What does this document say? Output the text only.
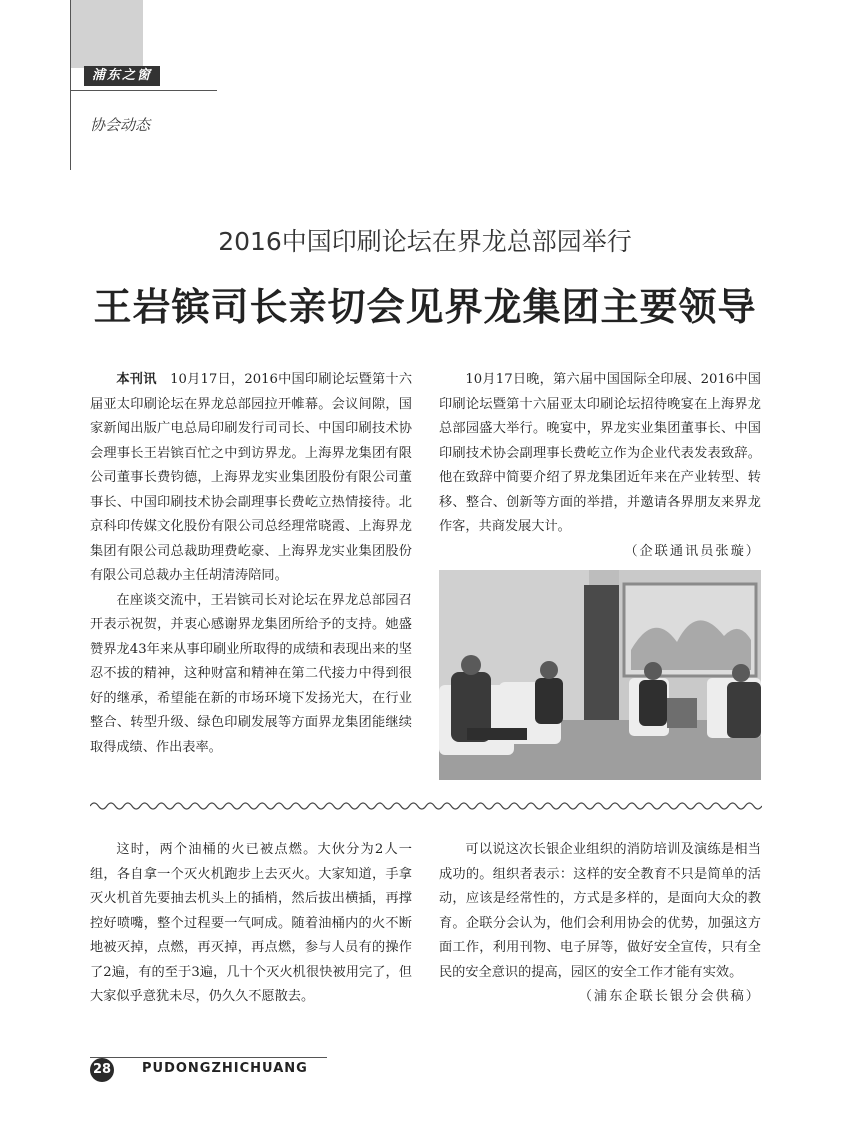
浦东之窗
协会动态
2016中国印刷论坛在界龙总部园举行
王岩镔司长亲切会见界龙集团主要领导

本刊讯　 10月17日，2016中国印刷论坛暨第十六届亚太印刷论坛在界龙总部园拉开帷幕。会议间隙，国家新闻出版广电总局印刷发行司司长、中国印刷技术协会理事长王岩镔百忙之中到访界龙。上海界龙集团有限公司董事长费钧德，上海界龙实业集团股份有限公司董事长、中国印刷技术协会副理事长费屹立热情接待。北京科印传媒文化股份有限公司总经理常晓霞、上海界龙集团有限公司总裁助理费屹豪、上海界龙实业集团股份有限公司总裁办主任胡清涛陪同。

在座谈交流中，王岩镔司长对论坛在界龙总部园召开表示祝贺，并衷心感谢界龙集团所给予的支持。她盛赞界龙43年来从事印刷业所取得的成绩和表现出来的坚忍不拔的精神，这种财富和精神在第二代接力中得到很好的继承，希望能在新的市场环境下发扬光大，在行业整合、转型升级、绿色印刷发展等方面界龙集团能继续取得成绩、作出表率。

10月17日晚，第六届中国国际全印展、2016中国印刷论坛暨第十六届亚太印刷论坛招待晚宴在上海界龙总部园盛大举行。晚宴中，界龙实业集团董事长、中国印刷技术协会副理事长费屹立作为企业代表发表致辞。他在致辞中简要介绍了界龙集团近年来在产业转型、转移、整合、创新等方面的举措，并邀请各界朋友来界龙作客，共商发展大计。

（企联通讯员张璇）

这时，两个油桶的火已被点燃。大伙分为2人一组，各自拿一个灭火机跑步上去灭火。大家知道，手拿灭火机首先要抽去机头上的插梢，然后拔出横插，再撑控好喷嘴，整个过程要一气呵成。随着油桶内的火不断地被灭掉，点燃，再灭掉，再点燃，参与人员有的操作了2遍，有的至于3遍，几十个灭火机很快被用完了，但大家似乎意犹未尽，仍久久不愿散去。

可以说这次长银企业组织的消防培训及演练是相当成功的。组织者表示：这样的安全教育不只是简单的活动，应该是经常性的，方式是多样的，是面向大众的教育。企联分会认为，他们会利用协会的优势，加强这方面工作，利用刊物、电子屏等，做好安全宣传，只有全民的安全意识的提高，园区的安全工作才能有实效。

（浦东企联长银分会供稿）
28 PUDONGZHICHUANG
